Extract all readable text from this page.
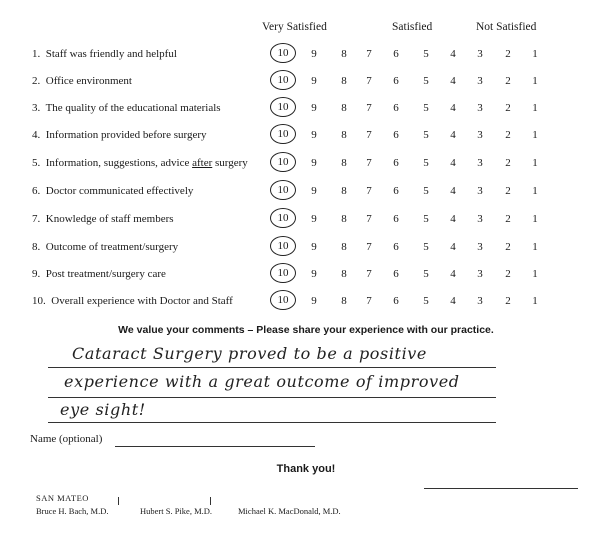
Very Satisfied	Satisfied	Not Satisfied
1. Staff was friendly and helpful	10	9	8	7	6	5	4	3	2	1
2. Office environment	10	9	8	7	6	5	4	3	2	1
3. The quality of the educational materials	10	9	8	7	6	5	4	3	2	1
4. Information provided before surgery	10	9	8	7	6	5	4	3	2	1
5. Information, suggestions, advice after surgery	10	9	8	7	6	5	4	3	2	1
6. Doctor communicated effectively	10	9	8	7	6	5	4	3	2	1
7. Knowledge of staff members	10	9	8	7	6	5	4	3	2	1
8. Outcome of treatment/surgery	10	9	8	7	6	5	4	3	2	1
9. Post treatment/surgery care	10	9	8	7	6	5	4	3	2	1
10. Overall experience with Doctor and Staff	10	9	8	7	6	5	4	3	2	1
We value your comments – Please share your experience with our practice.
Cataract Surgery proved to be a positive
experience with a great outcome of improved
eye sight!
Name (optional)
Thank you!
SAN MATEO
Bruce H. Bach, M.D.	Hubert S. Pike, M.D.	Michael K. MacDonald, M.D.
